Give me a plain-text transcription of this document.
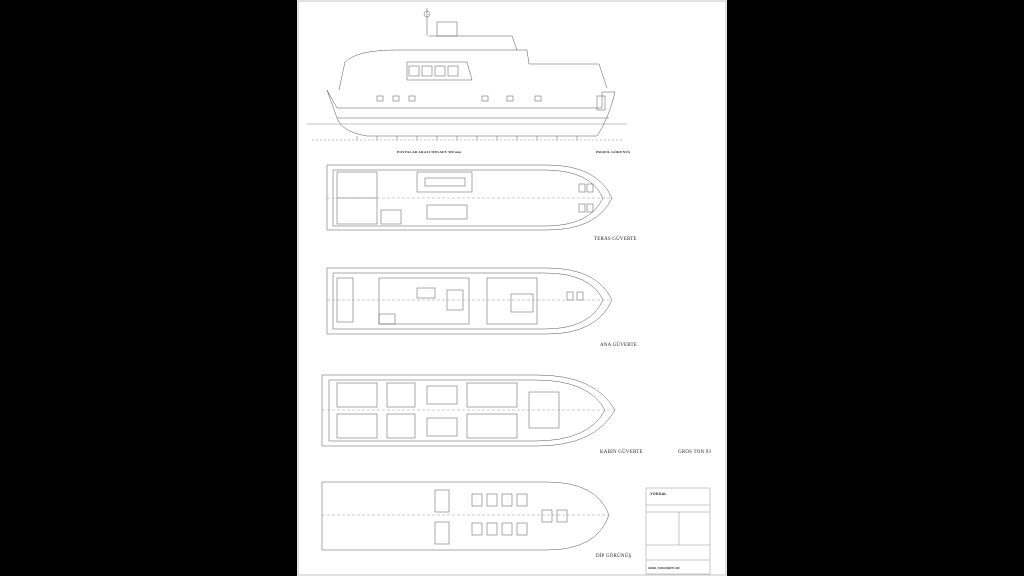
POSTALAR ARASI MESAFE 500 mm	PROFİL GÖRÜNÜŞ
TERAS GÜVERTE
ANA GÜVERTE
KABİN GÜVERTE	GROS TON 93
DİP GÖRÜNÜŞ
YOKSAL
GENEL YERLEŞİM PLANI
